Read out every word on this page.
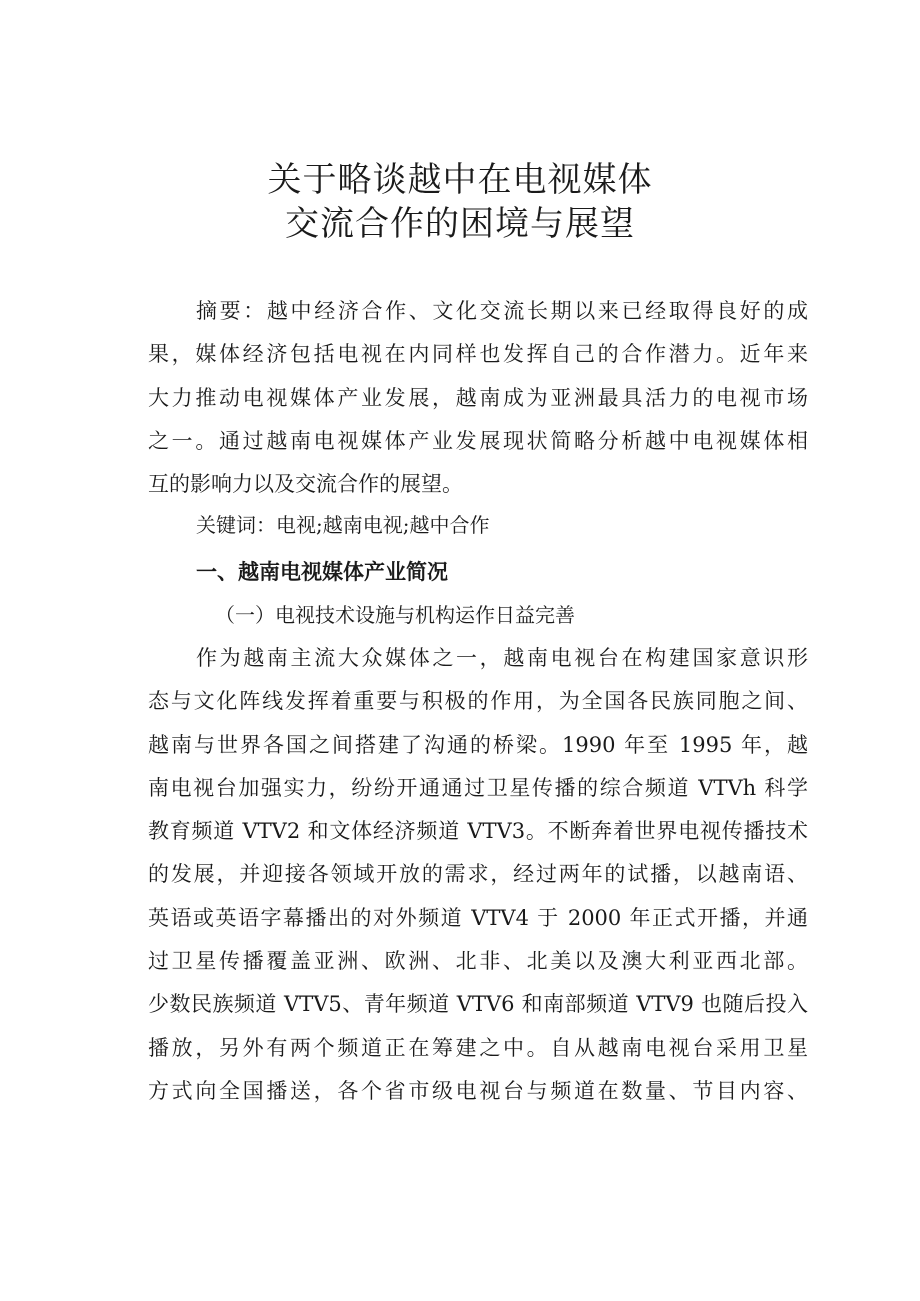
关于略谈越中在电视媒体
交流合作的困境与展望
摘要：越中经济合作、文化交流长期以来已经取得良好的成
果，媒体经济包括电视在内同样也发挥自己的合作潜力。近年来
大力推动电视媒体产业发展，越南成为亚洲最具活力的电视市场
之一。通过越南电视媒体产业发展现状简略分析越中电视媒体相
互的影响力以及交流合作的展望。
关键词：电视;越南电视;越中合作
一、越南电视媒体产业简况
（一）电视技术设施与机构运作日益完善
作为越南主流大众媒体之一，越南电视台在构建国家意识形
态与文化阵线发挥着重要与积极的作用，为全国各民族同胞之间、
越南与世界各国之间搭建了沟通的桥梁。1990 年至 1995 年，越
南电视台加强实力，纷纷开通通过卫星传播的综合频道 VTVh 科学
教育频道 VTV2 和文体经济频道 VTV3。不断奔着世界电视传播技术
的发展，并迎接各领域开放的需求，经过两年的试播，以越南语、
英语或英语字幕播出的对外频道 VTV4 于 2000 年正式开播，并通
过卫星传播覆盖亚洲、欧洲、北非、北美以及澳大利亚西北部。
少数民族频道 VTV5、青年频道 VTV6 和南部频道 VTV9 也随后投入
播放，另外有两个频道正在筹建之中。自从越南电视台采用卫星
方式向全国播送，各个省市级电视台与频道在数量、节目内容、
